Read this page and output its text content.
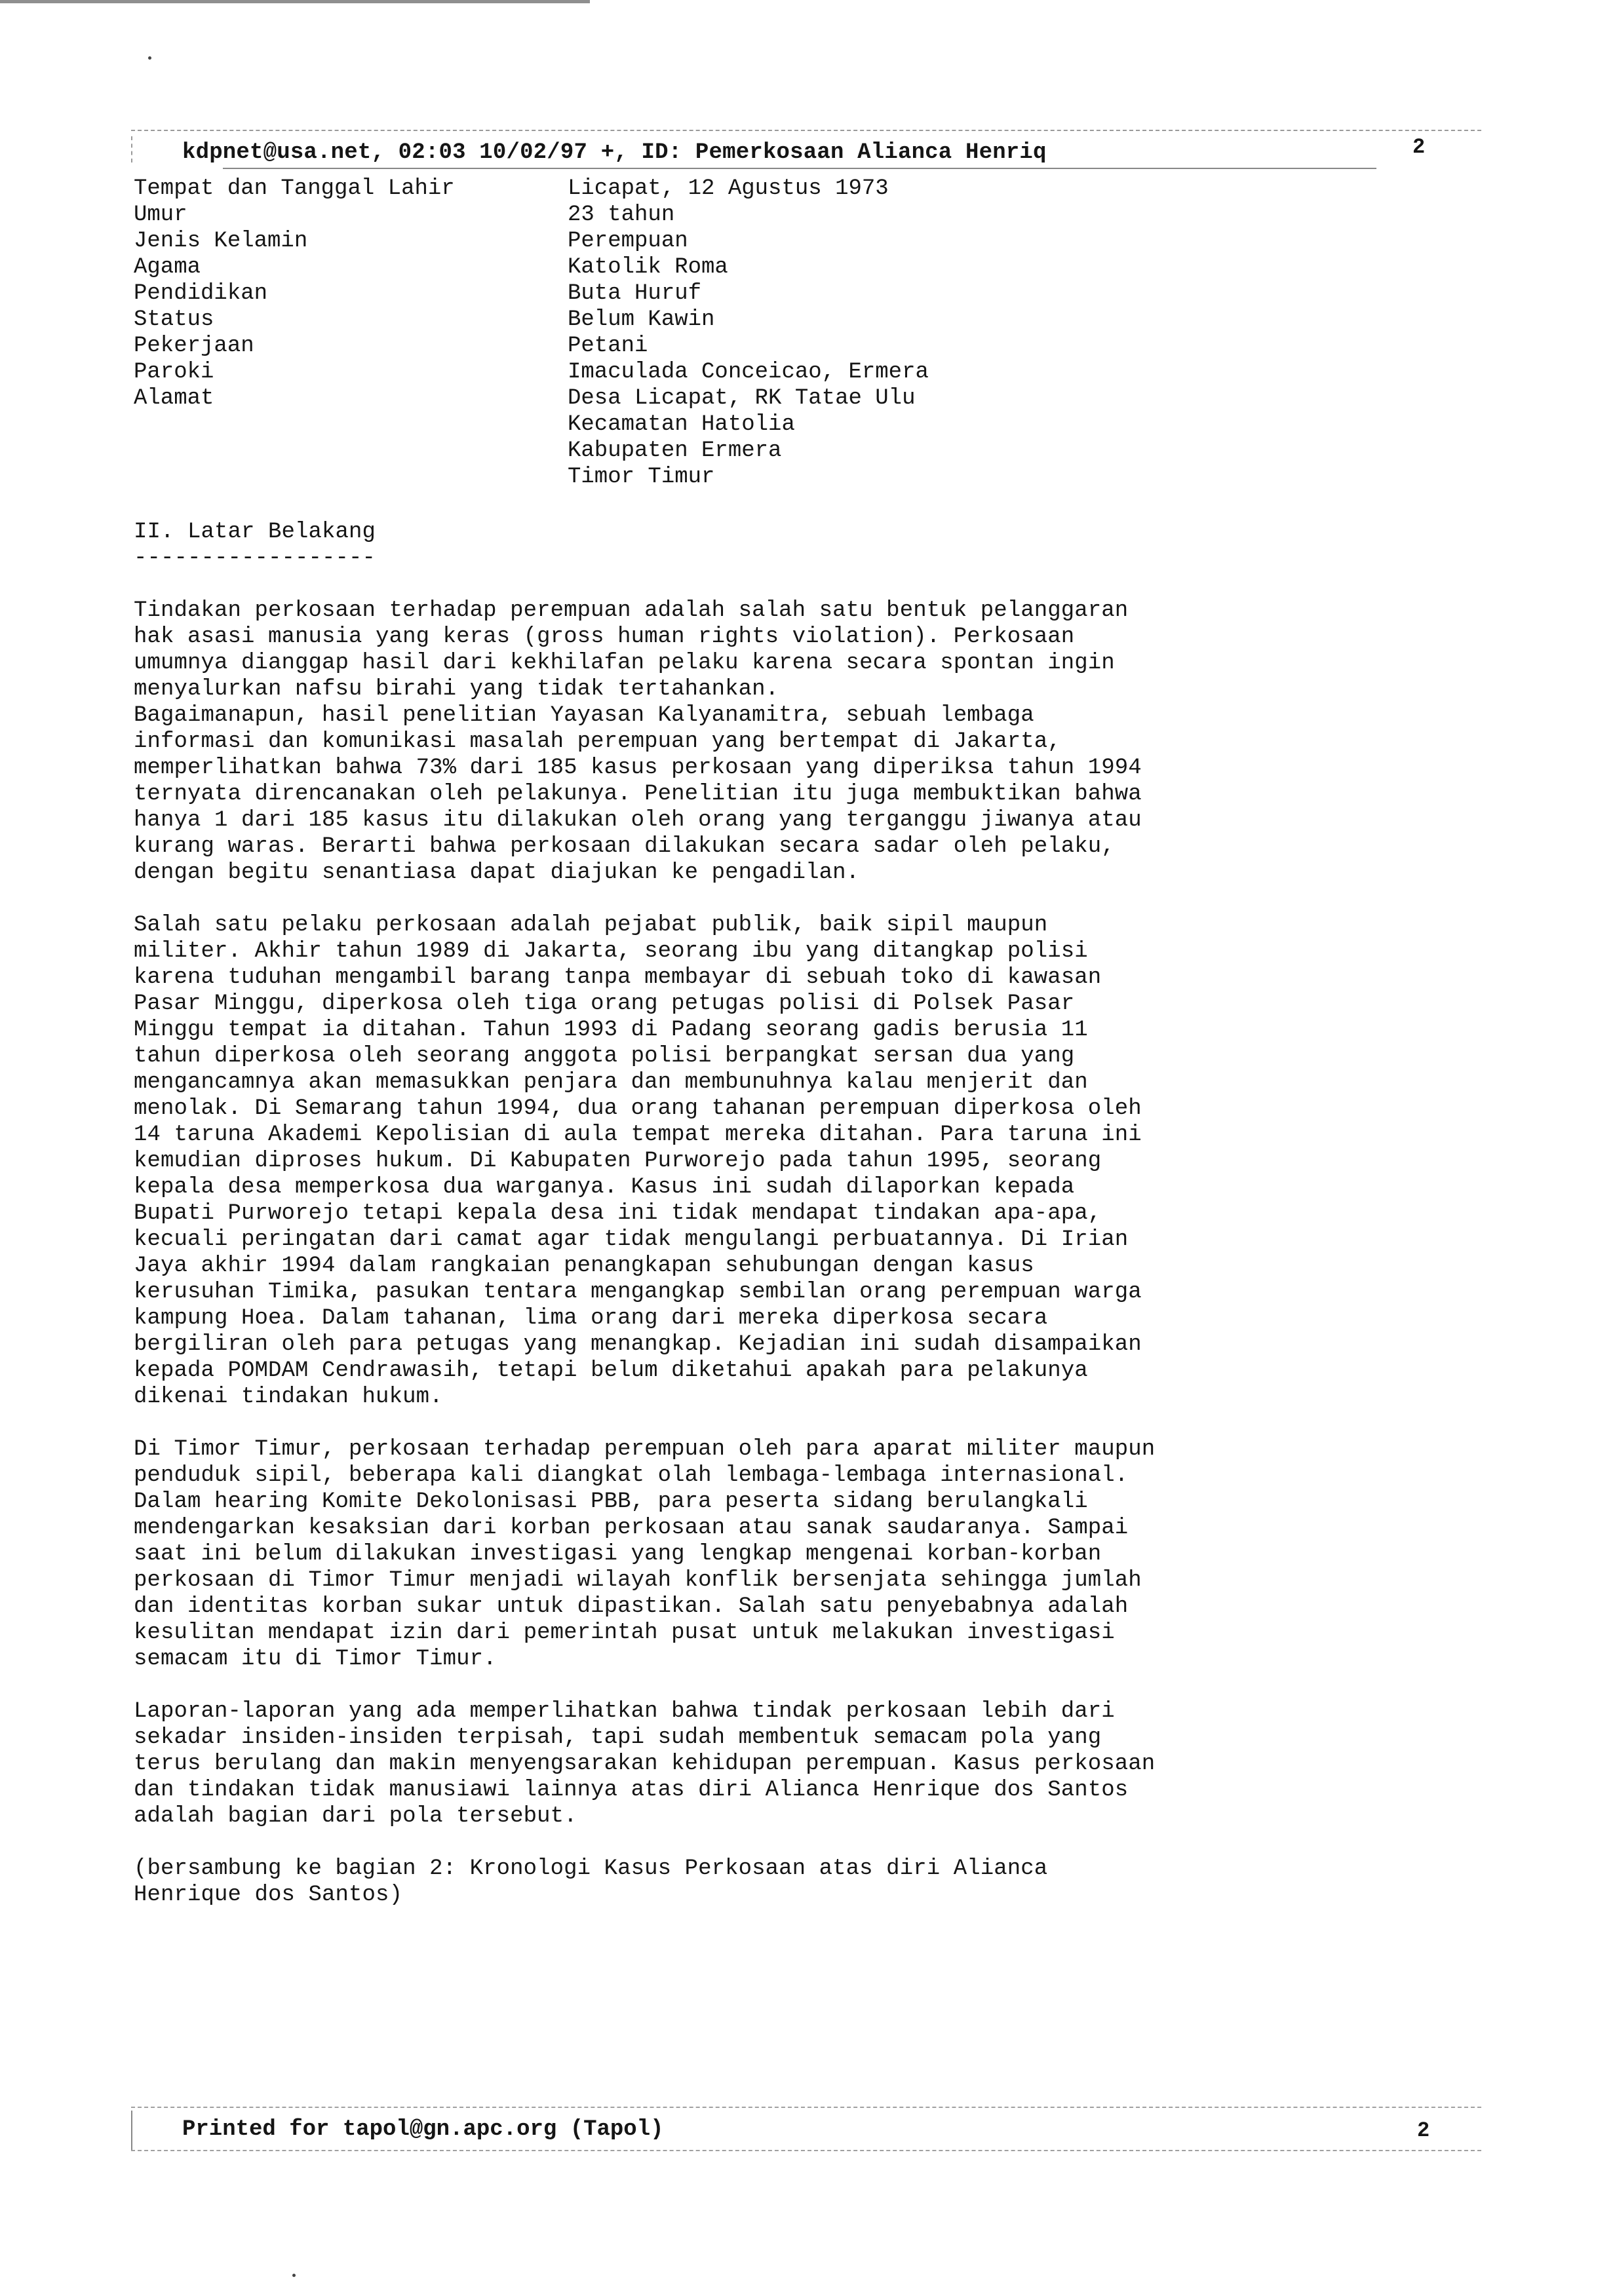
kdpnet@usa.net, 02:03 10/02/97 +, ID: Pemerkosaan Alianca Henriq	2
Tempat dan Tanggal Lahir	Licapat, 12 Agustus 1973
Umur	23 tahun
Jenis Kelamin	Perempuan
Agama	Katolik Roma
Pendidikan	Buta Huruf
Status	Belum Kawin
Pekerjaan	Petani
Paroki	Imaculada Conceicao, Ermera
Alamat	Desa Licapat, RK Tatae Ulu
Kecamatan Hatolia
Kabupaten Ermera
Timor Timur
II. Latar Belakang
------------------
Tindakan perkosaan terhadap perempuan adalah salah satu bentuk pelanggaran
hak asasi manusia yang keras (gross human rights violation). Perkosaan
umumnya dianggap hasil dari kekhilafan pelaku karena secara spontan ingin
menyalurkan nafsu birahi yang tidak tertahankan.
Bagaimanapun, hasil penelitian Yayasan Kalyanamitra, sebuah lembaga
informasi dan komunikasi masalah perempuan yang bertempat di Jakarta,
memperlihatkan bahwa 73% dari 185 kasus perkosaan yang diperiksa tahun 1994
ternyata direncanakan oleh pelakunya. Penelitian itu juga membuktikan bahwa
hanya 1 dari 185 kasus itu dilakukan oleh orang yang terganggu jiwanya atau
kurang waras. Berarti bahwa perkosaan dilakukan secara sadar oleh pelaku,
dengan begitu senantiasa dapat diajukan ke pengadilan.
Salah satu pelaku perkosaan adalah pejabat publik, baik sipil maupun
militer. Akhir tahun 1989 di Jakarta, seorang ibu yang ditangkap polisi
karena tuduhan mengambil barang tanpa membayar di sebuah toko di kawasan
Pasar Minggu, diperkosa oleh tiga orang petugas polisi di Polsek Pasar
Minggu tempat ia ditahan. Tahun 1993 di Padang seorang gadis berusia 11
tahun diperkosa oleh seorang anggota polisi berpangkat sersan dua yang
mengancamnya akan memasukkan penjara dan membunuhnya kalau menjerit dan
menolak. Di Semarang tahun 1994, dua orang tahanan perempuan diperkosa oleh
14 taruna Akademi Kepolisian di aula tempat mereka ditahan. Para taruna ini
kemudian diproses hukum. Di Kabupaten Purworejo pada tahun 1995, seorang
kepala desa memperkosa dua warganya. Kasus ini sudah dilaporkan kepada
Bupati Purworejo tetapi kepala desa ini tidak mendapat tindakan apa-apa,
kecuali peringatan dari camat agar tidak mengulangi perbuatannya. Di Irian
Jaya akhir 1994 dalam rangkaian penangkapan sehubungan dengan kasus
kerusuhan Timika, pasukan tentara mengangkap sembilan orang perempuan warga
kampung Hoea. Dalam tahanan, lima orang dari mereka diperkosa secara
bergiliran oleh para petugas yang menangkap. Kejadian ini sudah disampaikan
kepada POMDAM Cendrawasih, tetapi belum diketahui apakah para pelakunya
dikenai tindakan hukum.
Di Timor Timur, perkosaan terhadap perempuan oleh para aparat militer maupun
penduduk sipil, beberapa kali diangkat olah lembaga-lembaga internasional.
Dalam hearing Komite Dekolonisasi PBB, para peserta sidang berulangkali
mendengarkan kesaksian dari korban perkosaan atau sanak saudaranya. Sampai
saat ini belum dilakukan investigasi yang lengkap mengenai korban-korban
perkosaan di Timor Timur menjadi wilayah konflik bersenjata sehingga jumlah
dan identitas korban sukar untuk dipastikan. Salah satu penyebabnya adalah
kesulitan mendapat izin dari pemerintah pusat untuk melakukan investigasi
semacam itu di Timor Timur.
Laporan-laporan yang ada memperlihatkan bahwa tindak perkosaan lebih dari
sekadar insiden-insiden terpisah, tapi sudah membentuk semacam pola yang
terus berulang dan makin menyengsarakan kehidupan perempuan. Kasus perkosaan
dan tindakan tidak manusiawi lainnya atas diri Alianca Henrique dos Santos
adalah bagian dari pola tersebut.
(bersambung ke bagian 2: Kronologi Kasus Perkosaan atas diri Alianca
Henrique dos Santos)
Printed for tapol@gn.apc.org (Tapol)	2
